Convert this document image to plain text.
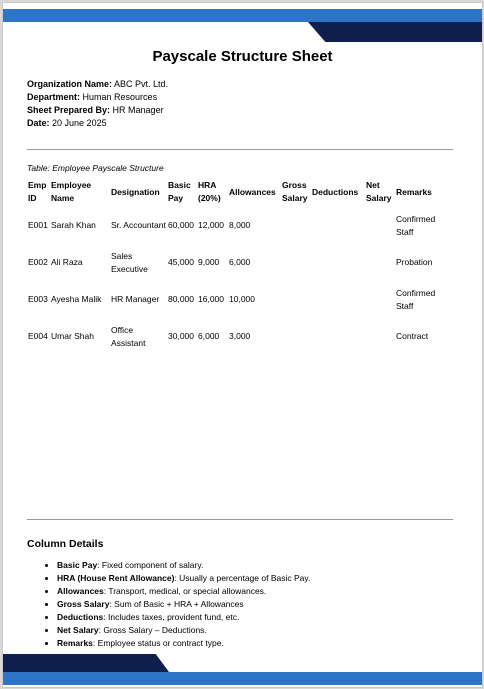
Payscale Structure Sheet
Organization Name: ABC Pvt. Ltd.
Department: Human Resources
Sheet Prepared By: HR Manager
Date: 20 June 2025
Table: Employee Payscale Structure
Emp ID	Employee Name	Designation	Basic Pay	HRA (20%)	Allowances	Gross Salary	Deductions	Net Salary	Remarks
E001	Sarah Khan	Sr. Accountant	60,000	12,000	8,000				Confirmed Staff
E002	Ali Raza	Sales Executive	45,000	9,000	6,000				Probation
E003	Ayesha Malik	HR Manager	80,000	16,000	10,000				Confirmed Staff
E004	Umar Shah	Office Assistant	30,000	6,000	3,000				Contract
Column Details
• Basic Pay: Fixed component of salary.
• HRA (House Rent Allowance): Usually a percentage of Basic Pay.
• Allowances: Transport, medical, or special allowances.
• Gross Salary: Sum of Basic + HRA + Allowances
• Deductions: Includes taxes, provident fund, etc.
• Net Salary: Gross Salary – Deductions.
• Remarks: Employee status or contract type.
